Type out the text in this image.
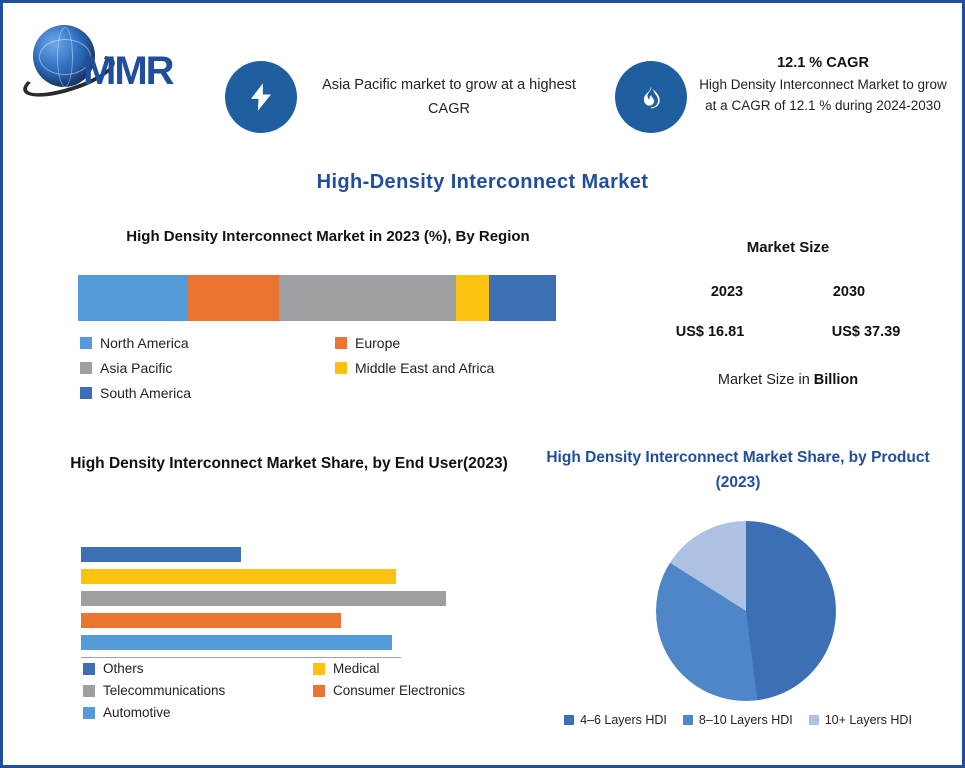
MMR	Asia Pacific market to grow at a highest CAGR
12.1 % CAGR
High Density Interconnect Market to grow at a CAGR of 12.1 % during 2024-2030
High-Density Interconnect Market
High Density Interconnect Market in 2023 (%), By Region
North America	Europe
Asia Pacific	Middle East and Africa
South America
Market Size
2023	2030
US$ 16.81	US$ 37.39
Market Size in Billion
High Density Interconnect Market Share, by End User(2023)
Others	Medical
Telecommunications	Consumer Electronics
Automotive
High Density Interconnect Market Share, by Product (2023)
4–6 Layers HDI	8–10 Layers HDI	10+ Layers HDI
